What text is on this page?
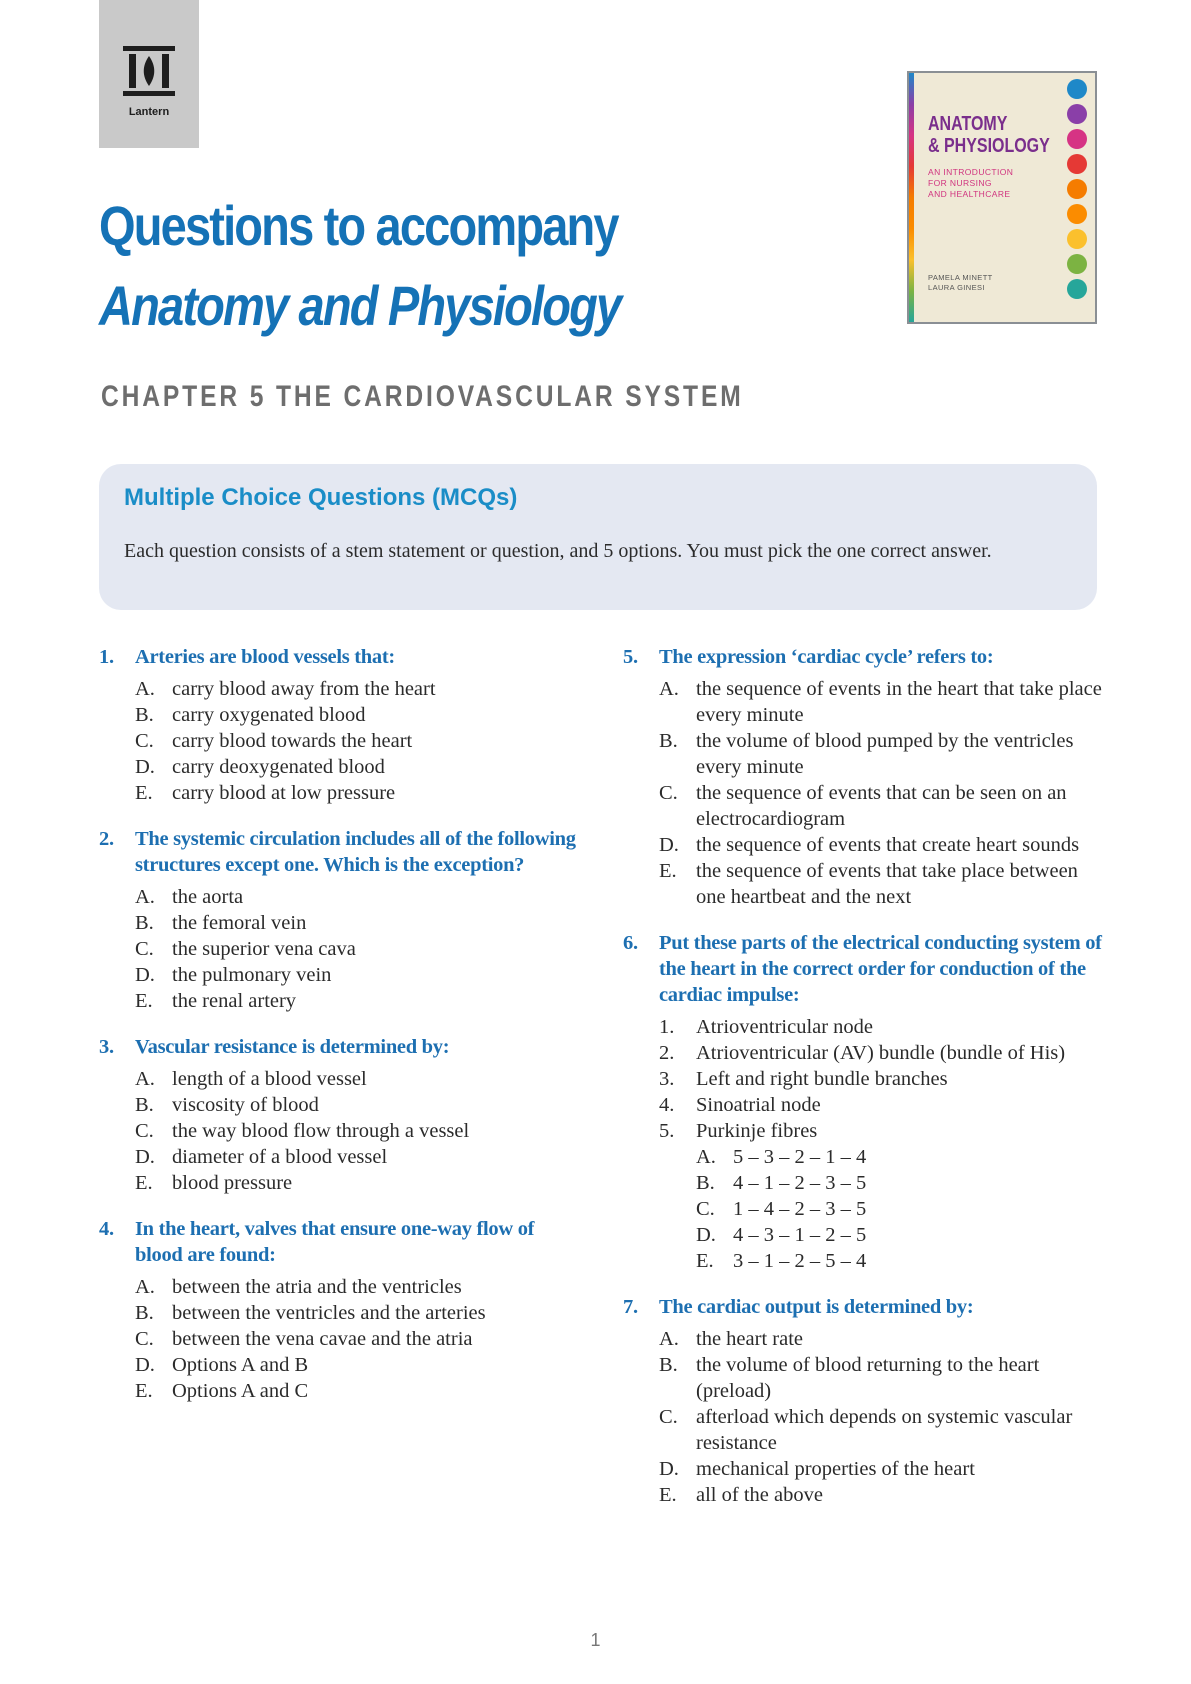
Lantern
Questions to accompany
Anatomy and Physiology
CHAPTER 5 THE CARDIOVASCULAR SYSTEM
ANATOMY
& PHYSIOLOGY
AN INTRODUCTION
FOR NURSING
AND HEALTHCARE
PAMELA MINETT
LAURA GINESI
Multiple Choice Questions (MCQs)

Each question consists of a stem statement or question, and 5 options. You must pick the one correct answer.

1.	Arteries are blood vessels that:
A. carry blood away from the heart
B. carry oxygenated blood
C. carry blood towards the heart
D. carry deoxygenated blood
E. carry blood at low pressure
2.	The systemic circulation includes all of the following structures except one. Which is the exception?
A. the aorta
B. the femoral vein
C. the superior vena cava
D. the pulmonary vein
E. the renal artery
3.	Vascular resistance is determined by:
A. length of a blood vessel
B. viscosity of blood
C. the way blood flow through a vessel
D. diameter of a blood vessel
E. blood pressure
4.	In the heart, valves that ensure one-way flow of blood are found:
A. between the atria and the ventricles
B. between the ventricles and the arteries
C. between the vena cavae and the atria
D. Options A and B
E. Options A and C
5.	The expression ‘cardiac cycle’ refers to:
A. the sequence of events in the heart that take place every minute
B. the volume of blood pumped by the ventricles every minute
C. the sequence of events that can be seen on an electrocardiogram
D. the sequence of events that create heart sounds
E. the sequence of events that take place between one heartbeat and the next
6.	Put these parts of the electrical conducting system of the heart in the correct order for conduction of the cardiac impulse:
1.	Atrioventricular node
2.	Atrioventricular (AV) bundle (bundle of His)
3.	Left and right bundle branches
4.	Sinoatrial node
5.	Purkinje fibres
A. 5 – 3 – 2 – 1 – 4
B. 4 – 1 – 2 – 3 – 5
C. 1 – 4 – 2 – 3 – 5
D. 4 – 3 – 1 – 2 – 5
E. 3 – 1 – 2 – 5 – 4
7.	The cardiac output is determined by:
A. the heart rate
B. the volume of blood returning to the heart (preload)
C. afterload which depends on systemic vascular resistance
D. mechanical properties of the heart
E. all of the above
1
